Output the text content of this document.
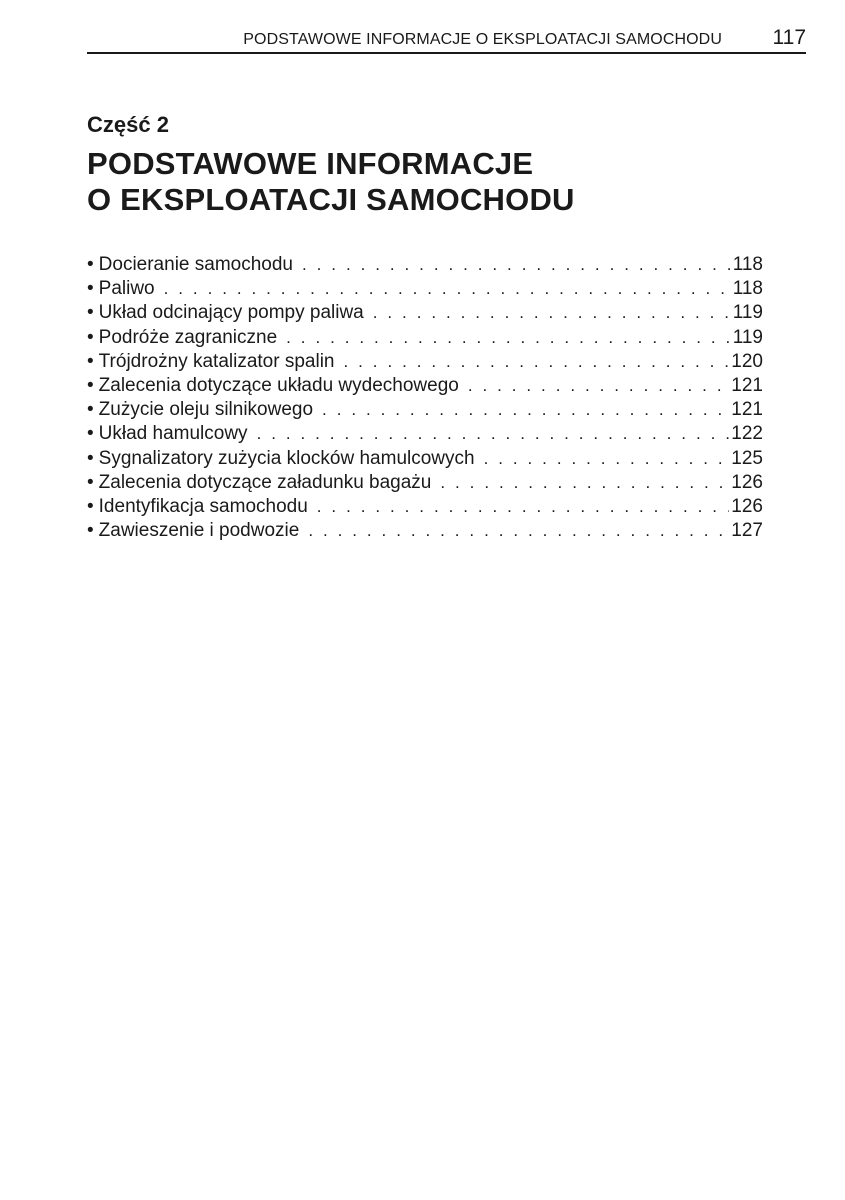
PODSTAWOWE INFORMACJE O EKSPLOATACJI SAMOCHODU 117
Część 2
PODSTAWOWE INFORMACJE
O EKSPLOATACJI SAMOCHODU
• Docieranie samochodu . . .	118
• Paliwo . . .	118
• Układ odcinający pompy paliwa . . .	119
• Podróże zagraniczne . . .	119
• Trójdrożny katalizator spalin . . .	120
• Zalecenia dotyczące układu wydechowego . . .	121
• Zużycie oleju silnikowego . . .	121
• Układ hamulcowy . . .	122
• Sygnalizatory zużycia klocków hamulcowych . . .	125
• Zalecenia dotyczące załadunku bagażu . . .	126
• Identyfikacja samochodu . . .	126
• Zawieszenie i podwozie . . .	127
